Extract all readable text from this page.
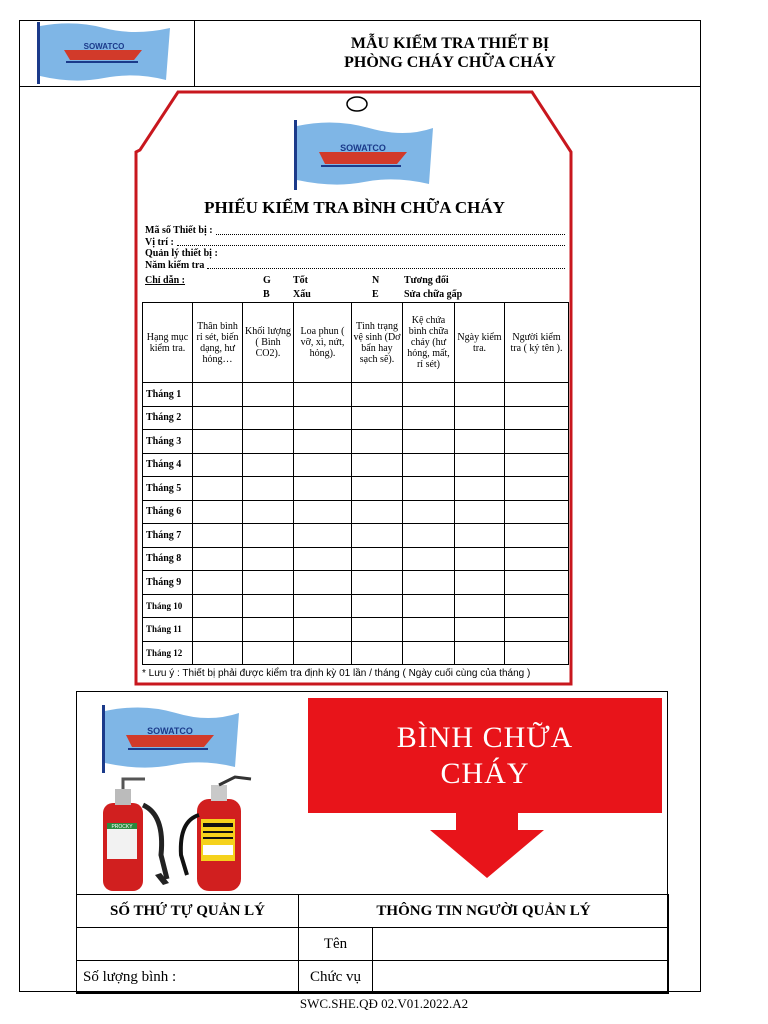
SOWATCO	MẪU KIỂM TRA THIẾT BỊ
PHÒNG CHÁY CHỮA CHÁY
SOWATCO
PHIẾU KIỂM TRA BÌNH CHỮA CHÁY
Mã số Thiết bị :
Vị trí :
Quản lý thiết bị :
Năm kiểm tra
Chỉ dẫn :	G Tốt	N Tương đối
B Xấu	E	Sửa chữa gấp
Hạng mục kiểm tra.	Thân bình rỉ sét, biến dạng, hư hỏng…	Khối lượng ( Bình CO2).	Loa phun ( vỡ, xì, nứt, hỏng).	Tình trạng vệ sinh (Dơ bẩn hay sạch sẽ).	Kệ chứa bình chữa cháy (hư hỏng, mất, rỉ sét)	Ngày kiểm tra.	Người kiểm tra ( ký tên ).
Tháng 1							
Tháng 2							
Tháng 3							
Tháng 4							
Tháng 5							
Tháng 6							
Tháng 7							
Tháng 8							
Tháng 9							
Tháng 10							
Tháng 11							
Tháng 12							
* Lưu ý : Thiết bị phải được kiểm tra định kỳ 01 lần / tháng ( Ngày cuối cùng của tháng )
SOWATCO
PROCKY
BÌNH CHỮA
CHÁY
SỐ THỨ TỰ QUẢN LÝ	THÔNG TIN NGƯỜI QUẢN LÝ	
	Tên	
Số lượng bình :	Chức vụ	
SWC.SHE.QĐ 02.V01.2022.A2
